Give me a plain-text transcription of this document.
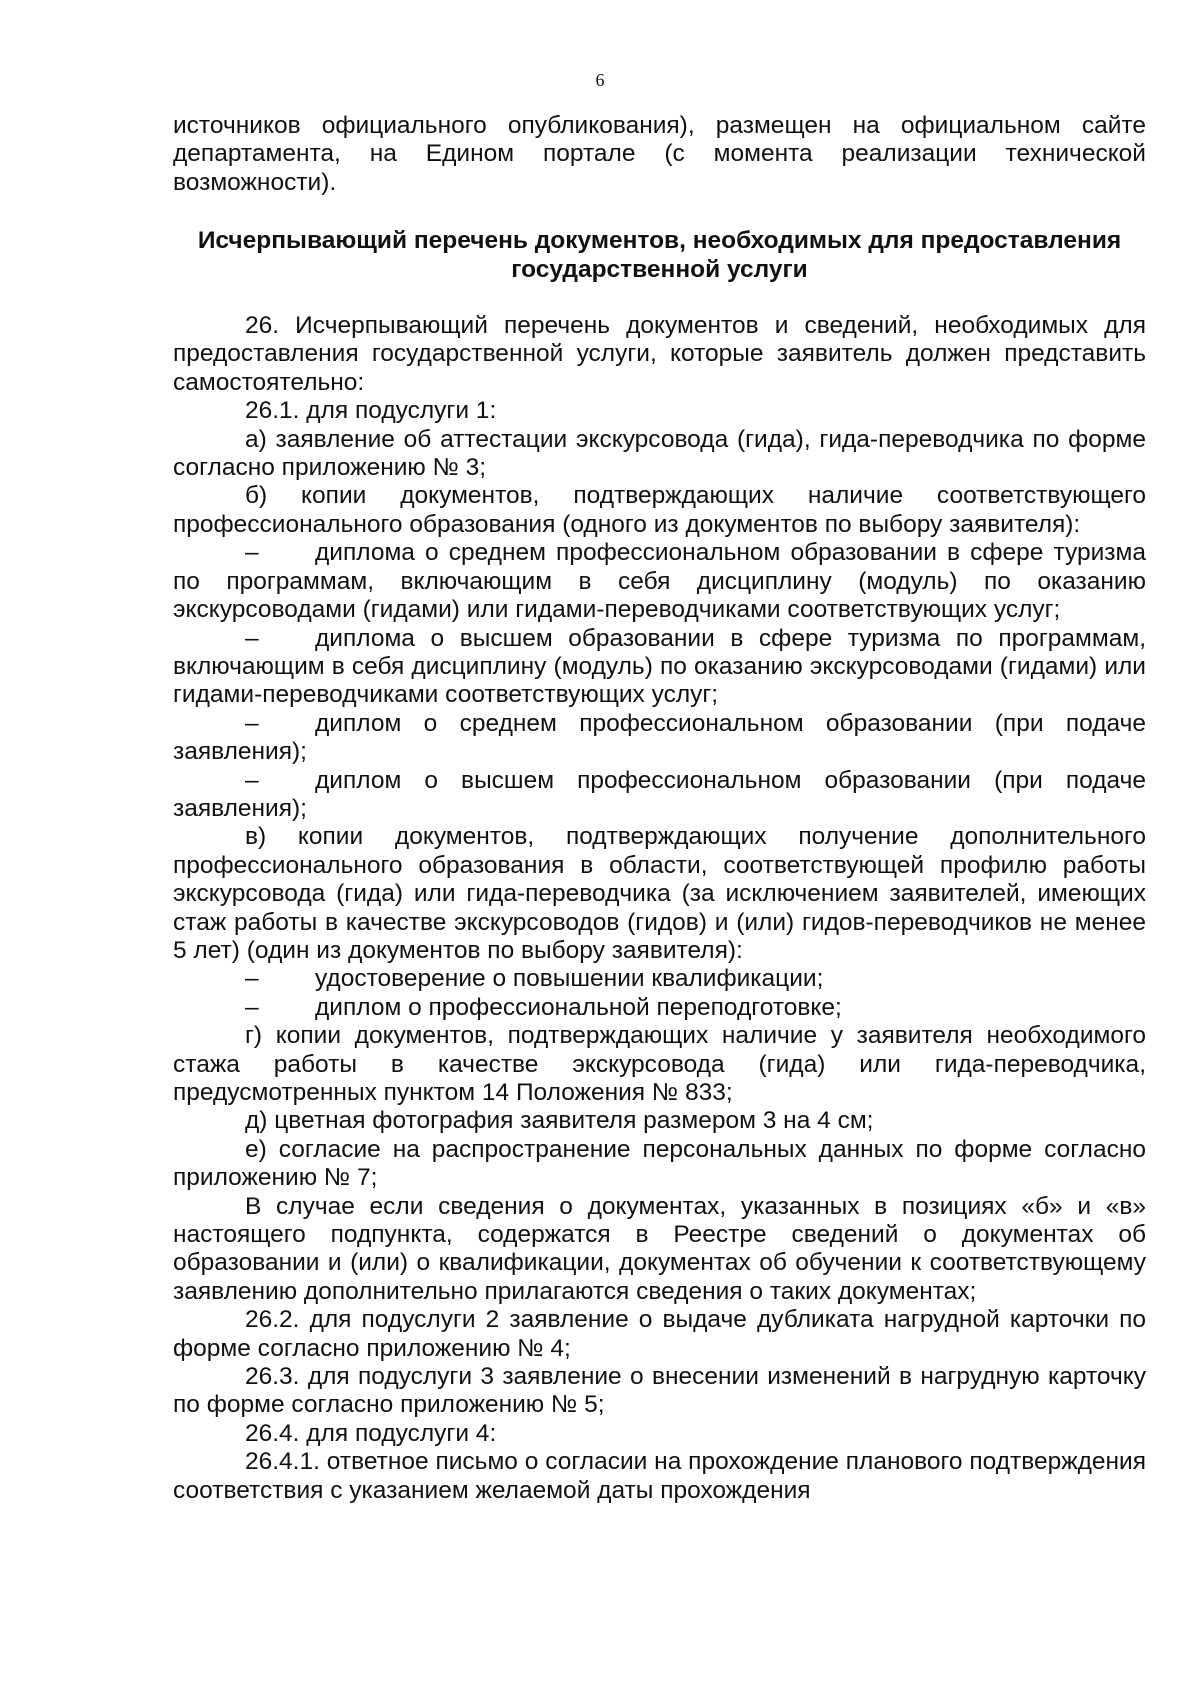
6

источников официального опубликования), размещен на официальном сайте департамента, на Едином портале (с момента реализации технической возможности).

Исчерпывающий перечень документов, необходимых для предоставления государственной услуги

26. Исчерпывающий перечень документов и сведений, необходимых для предоставления государственной услуги, которые заявитель должен представить самостоятельно:

26.1. для подуслуги 1:

а) заявление об аттестации экскурсовода (гида), гида-переводчика по форме согласно приложению № 3;

б) копии документов, подтверждающих наличие соответствующего профессионального образования (одного из документов по выбору заявителя):

– диплома о среднем профессиональном образовании в сфере туризма по программам, включающим в себя дисциплину (модуль) по оказанию экскурсоводами (гидами) или гидами-переводчиками соответствующих услуг;

– диплома о высшем образовании в сфере туризма по программам, включающим в себя дисциплину (модуль) по оказанию экскурсоводами (гидами) или гидами-переводчиками соответствующих услуг;

– диплом о среднем профессиональном образовании (при подаче заявления);

– диплом о высшем профессиональном образовании (при подаче заявления);

в) копии документов, подтверждающих получение дополнительного профессионального образования в области, соответствующей профилю работы экскурсовода (гида) или гида-переводчика (за исключением заявителей, имеющих стаж работы в качестве экскурсоводов (гидов) и (или) гидов-переводчиков не менее 5 лет) (один из документов по выбору заявителя):

– удостоверение о повышении квалификации;

– диплом о профессиональной переподготовке;

г) копии документов, подтверждающих наличие у заявителя необходимого стажа работы в качестве экскурсовода (гида) или гида-переводчика, предусмотренных пунктом 14 Положения № 833;

д) цветная фотография заявителя размером 3 на 4 см;

е) согласие на распространение персональных данных по форме согласно приложению № 7;

В случае если сведения о документах, указанных в позициях «б» и «в» настоящего подпункта, содержатся в Реестре сведений о документах об образовании и (или) о квалификации, документах об обучении к соответствующему заявлению дополнительно прилагаются сведения о таких документах;

26.2. для подуслуги 2 заявление о выдаче дубликата нагрудной карточки по форме согласно приложению № 4;

26.3. для подуслуги 3 заявление о внесении изменений в нагрудную карточку по форме согласно приложению № 5;

26.4. для подуслуги 4:

26.4.1. ответное письмо о согласии на прохождение планового подтверждения соответствия с указанием желаемой даты прохождения
